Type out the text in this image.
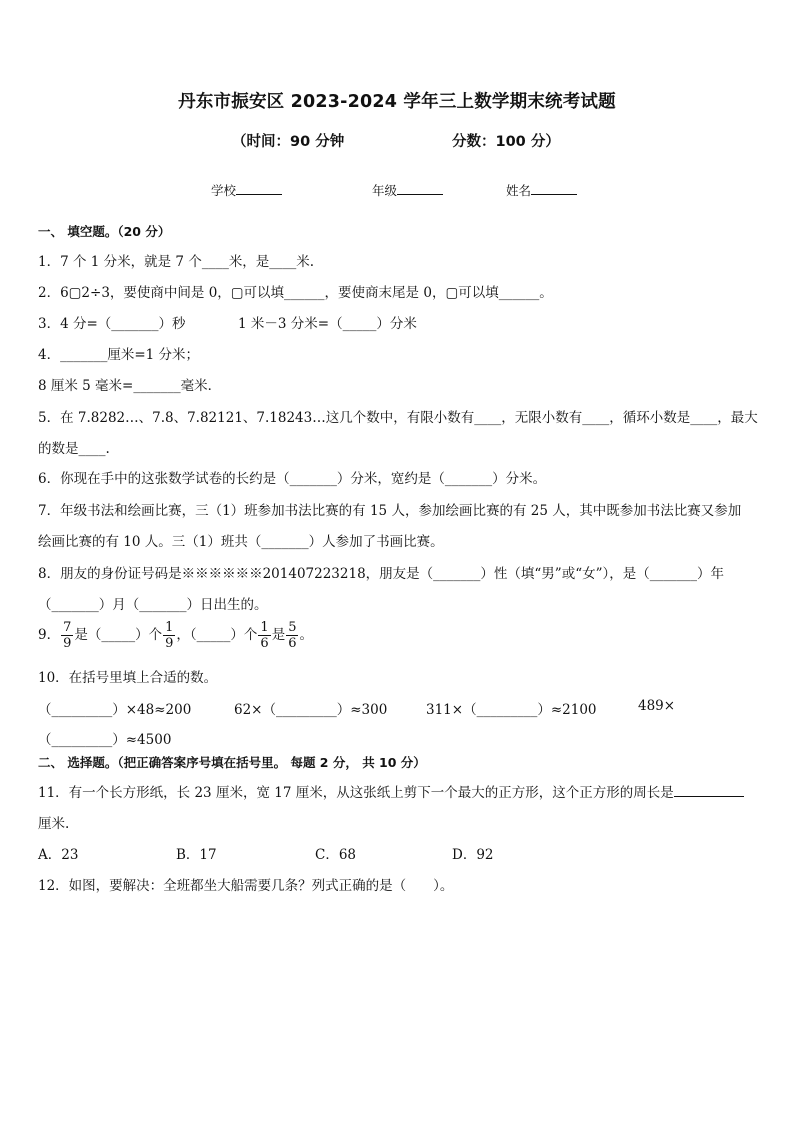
丹东市振安区 2023-2024 学年三上数学期末统考试题
（时间：90 分钟	分数：100 分）
学校	年级	姓名
一、 填空题。（20 分）
1．7 个 1 分米，就是 7 个____米，是____米.
2．6▢2÷3，要使商中间是 0，▢可以填______，要使商末尾是 0，▢可以填______。
3．4 分=（_______）秒	1 米－3 分米=（_____）分米
4．_______厘米=1 分米；
8 厘米 5 毫米=_______毫米．
5．在 7.8282…、7.8、7.82121、7.18243…这几个数中，有限小数有____，无限小数有____，循环小数是____，最大
的数是____.
6．你现在手中的这张数学试卷的长约是（_______）分米，宽约是（_______）分米。
7．年级书法和绘画比赛，三（1）班参加书法比赛的有 15 人，参加绘画比赛的有 25 人，其中既参加书法比赛又参加
绘画比赛的有 10 人。三（1）班共（_______）人参加了书画比赛。
8．朋友的身份证号码是※※※※※※201407223218，朋友是（_______）性（填“男”或“女”），是（_______）年
（_______）月（_______）日出生的。
9． $\frac{7}{9}$ 是（_____）个 $\frac{1}{9}$ ，（_____）个 $\frac{1}{6}$ 是 $\frac{5}{6}$ 。
10．在括号里填上合适的数。
（_________）×48≈200	62×（_________）≈300	311×（_________）≈2100	489×
（_________）≈4500
二、 选择题。（把正确答案序号填在括号里。 每题 2 分， 共 10 分）
11．有一个长方形纸，长 23 厘米，宽 17 厘米，从这张纸上剪下一个最大的正方形，这个正方形的周长是
厘米.
A．23	B．17	C．68	D．92
12．如图，要解决：全班都坐大船需要几条？列式正确的是（　　）。
